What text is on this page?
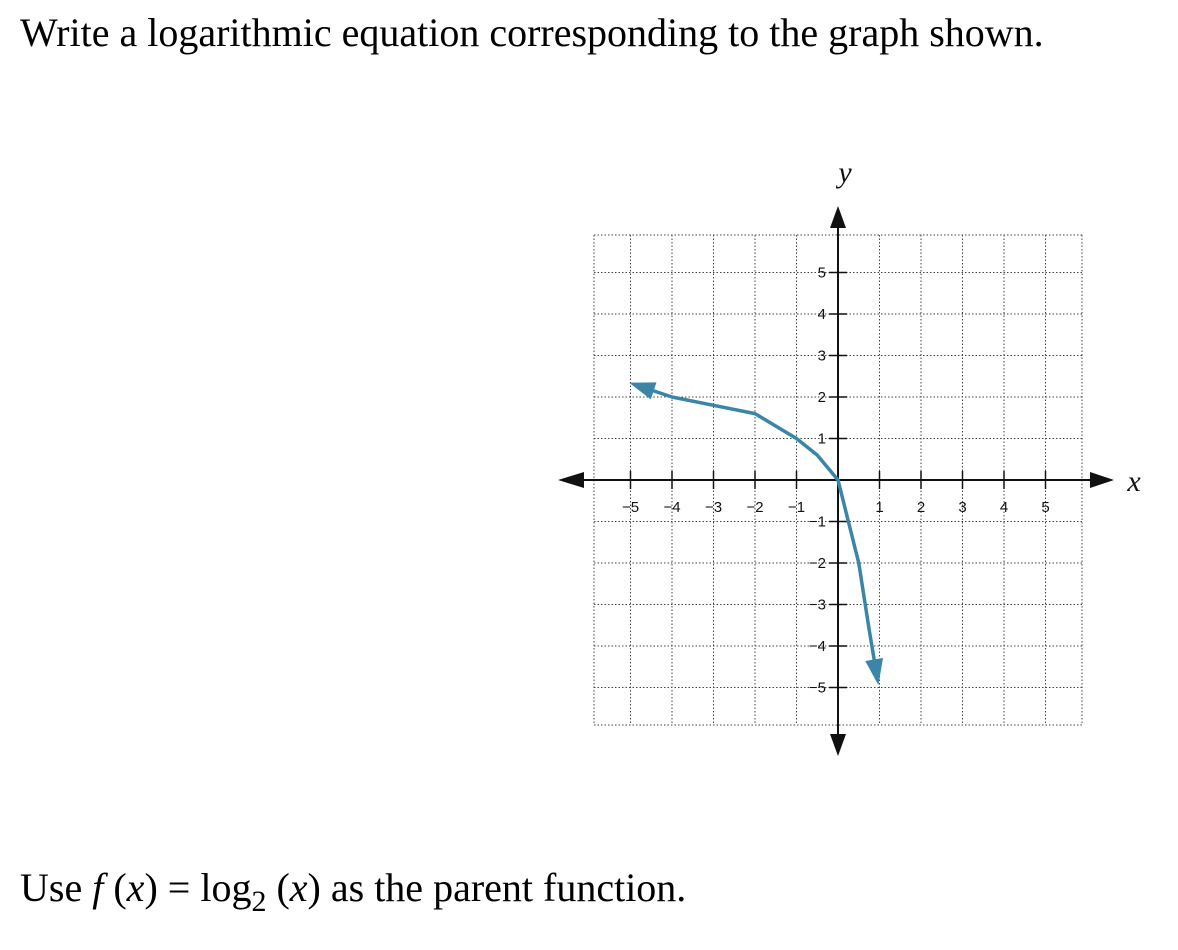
Write a logarithmic equation corresponding to the graph shown.

x
y
−5 −4 −3 −2 −1	1 2 3 4 5
5
4
3
2
1
−1
−2
−3
−4
−5
Use f $(x) = \log_2 (x)$ as the parent function.
